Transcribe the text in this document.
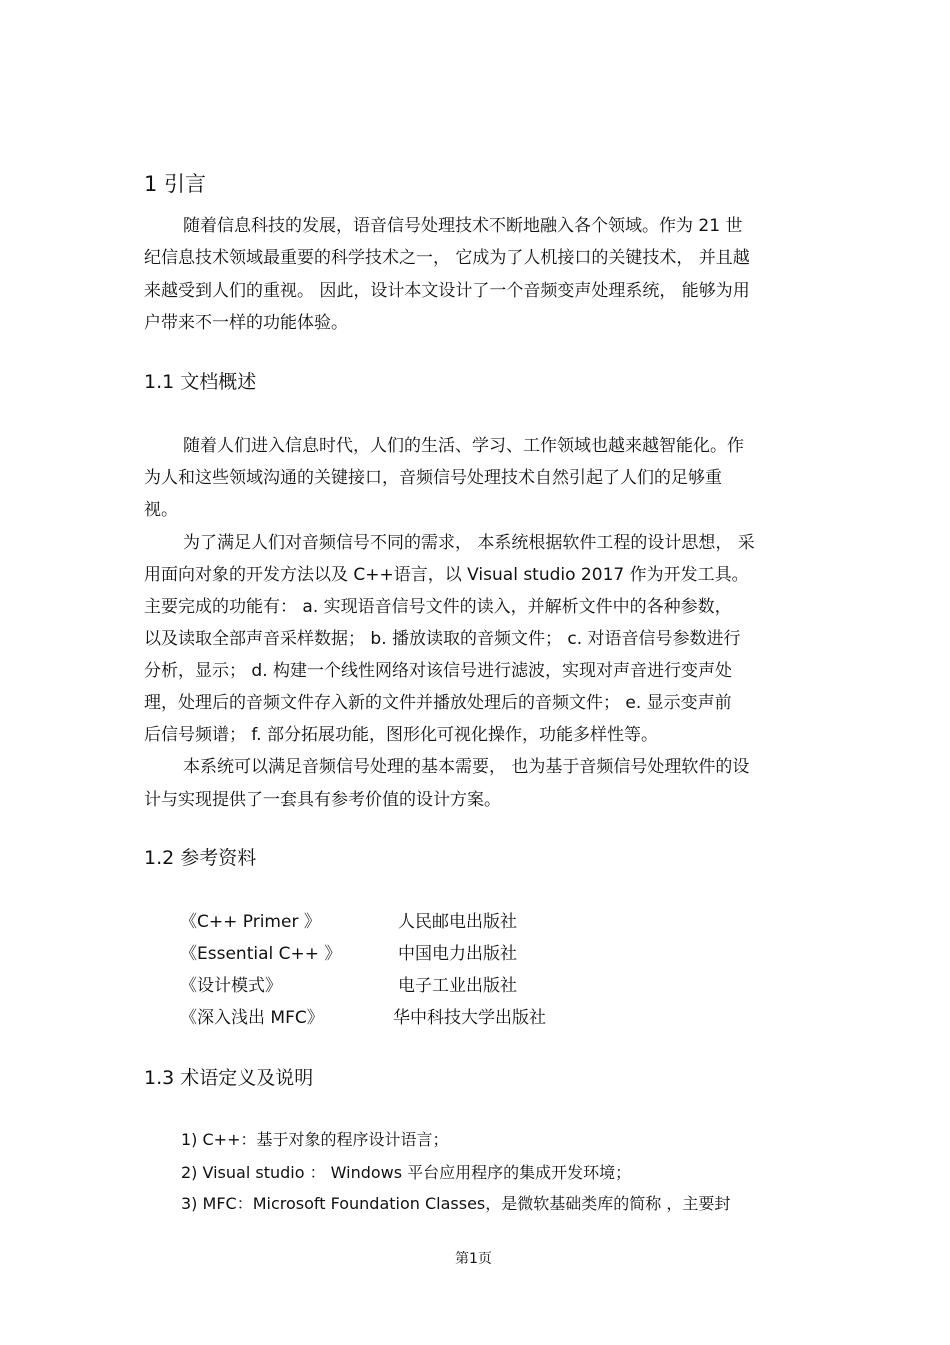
1 引言
随着信息科技的发展，语音信号处理技术不断地融入各个领域。作为 21 世
纪信息技术领域最重要的科学技术之一， 它成为了人机接口的关键技术， 并且越
来越受到人们的重视。 因此，设计本文设计了一个音频变声处理系统， 能够为用
户带来不一样的功能体验。
1.1 文档概述
随着人们进入信息时代，人们的生活、学习、工作领域也越来越智能化。作
为人和这些领域沟通的关键接口，音频信号处理技术自然引起了人们的足够重
视。
为了满足人们对音频信号不同的需求， 本系统根据软件工程的设计思想， 采
用面向对象的开发方法以及 C++语言，以 Visual studio 2017 作为开发工具。
主要完成的功能有： a. 实现语音信号文件的读入，并解析文件中的各种参数，
以及读取全部声音采样数据； b. 播放读取的音频文件； c. 对语音信号参数进行
分析，显示； d. 构建一个线性网络对该信号进行滤波，实现对声音进行变声处
理，处理后的音频文件存入新的文件并播放处理后的音频文件； e. 显示变声前
后信号频谱； f. 部分拓展功能，图形化可视化操作，功能多样性等。
本系统可以满足音频信号处理的基本需要， 也为基于音频信号处理软件的设
计与实现提供了一套具有参考价值的设计方案。
1.2 参考资料
《C++ Primer 》	人民邮电出版社
《Essential C++ 》	中国电力出版社
《设计模式》	电子工业出版社
《深入浅出 MFC》	华中科技大学出版社
1.3 术语定义及说明
1) C++：基于对象的程序设计语言；
2) Visual studio ： Windows 平台应用程序的集成开发环境；
3) MFC：Microsoft Foundation Classes，是微软基础类库的简称 ，主要封
第1页
